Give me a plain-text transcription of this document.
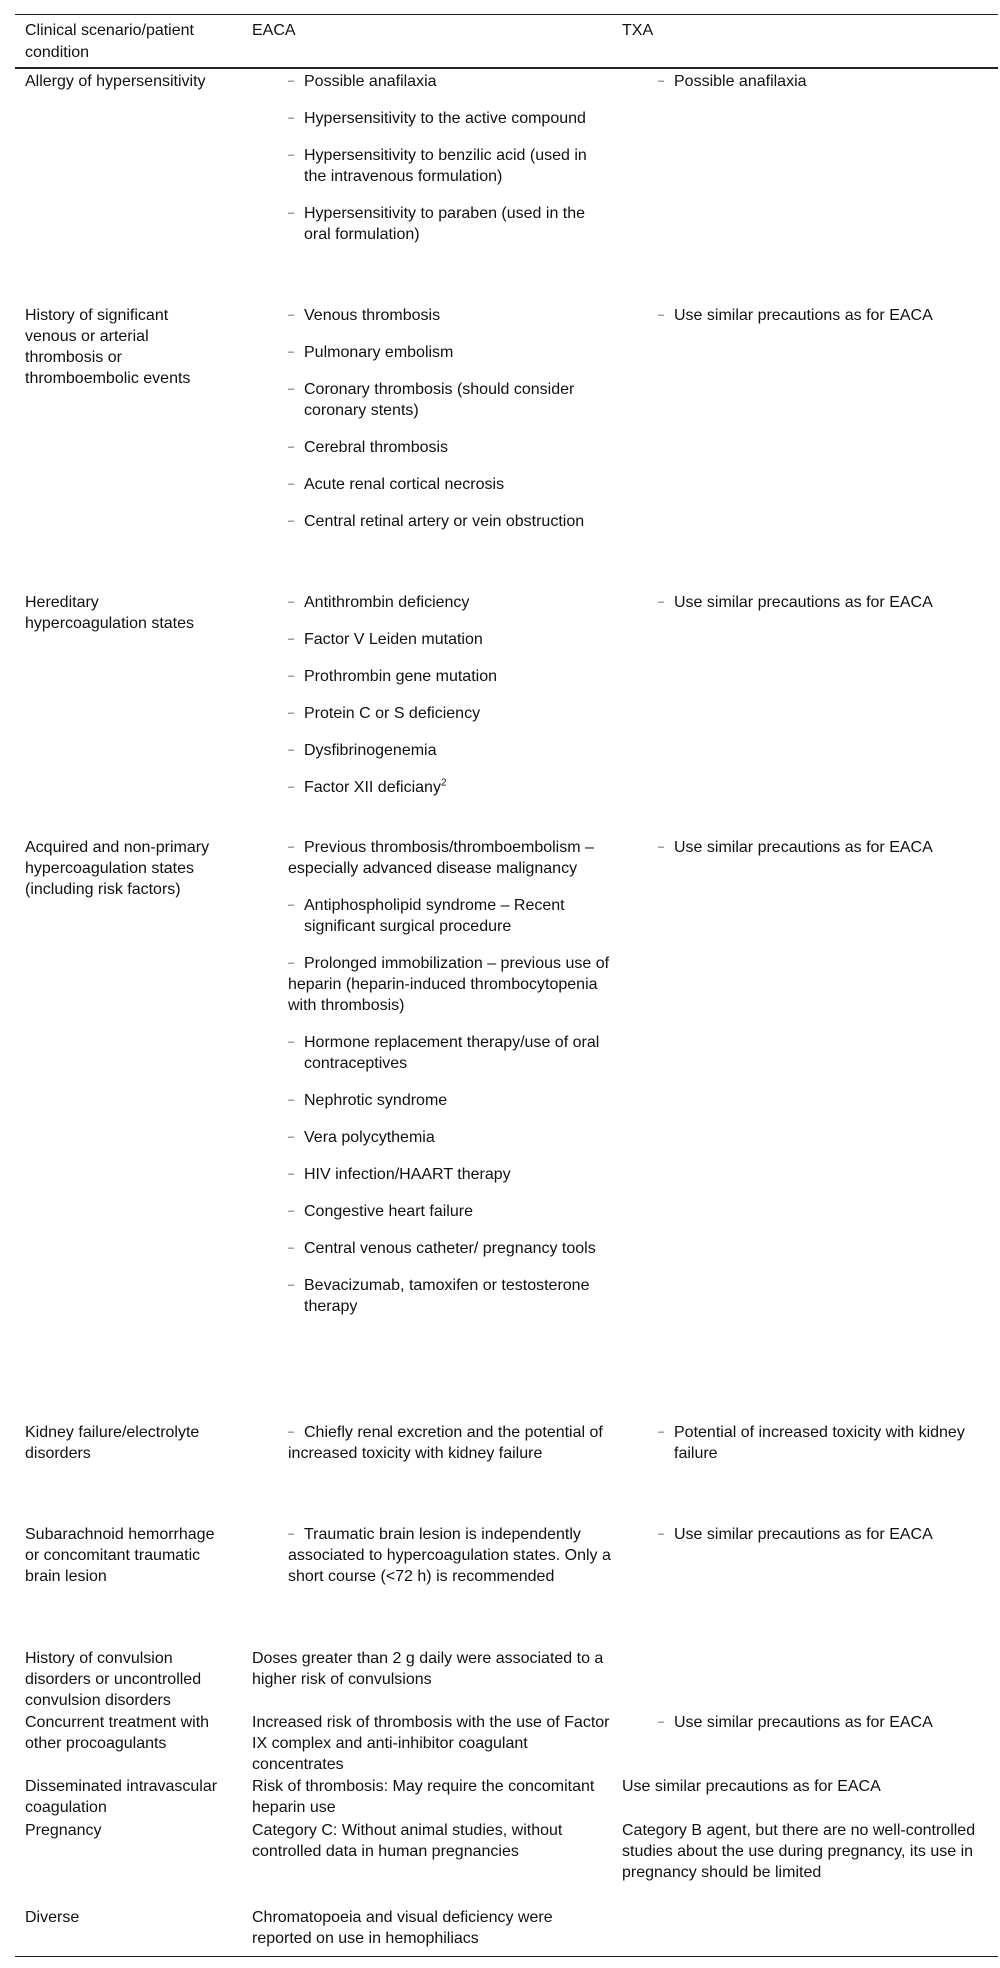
Clinical scenario/patient condition
EACA	TXA
Allergy of hypersensitivity
–	Possible anafilaxia
– Hypersensitivity to the active compound
– Hypersensitivity to benzilic acid (used in the intravenous formulation)
– Hypersensitivity to paraben (used in the oral formulation)
– Possible anafilaxia
History of significant venous or arterial thrombosis or thromboembolic events
– Venous thrombosis
– Pulmonary embolism
– Coronary thrombosis (should consider coronary stents)
– Cerebral thrombosis
– Acute renal cortical necrosis
– Central retinal artery or vein obstruction
– Use similar precautions as for EACA
Hereditary hypercoagulation states
– Antithrombin deficiency
– Factor V Leiden mutation
– Prothrombin gene mutation
– Protein C or S deficiency
– Dysfibrinogenemia
– Factor XII deficiany$^2$
– Use similar precautions as for EACA
Acquired and non-primary hypercoagulation states (including risk factors)
– Previous thrombosis/thromboembolism – especially advanced disease malignancy
– Antiphospholipid syndrome – Recent significant surgical procedure
– Prolonged immobilization – previous use of heparin (heparin-induced thrombocytopenia with thrombosis)
– Hormone replacement therapy/use of oral contraceptives
– Nephrotic syndrome
– Vera polycythemia
– HIV infection/HAART therapy
– Congestive heart failure
– Central venous catheter/ pregnancy tools
– Bevacizumab, tamoxifen or testosterone therapy
– Use similar precautions as for EACA
Kidney failure/electrolyte disorders
– Chiefly renal excretion and the potential of increased toxicity with kidney failure
– Potential of increased toxicity with kidney failure
Subarachnoid hemorrhage or concomitant traumatic brain lesion
– Traumatic brain lesion is independently associated to hypercoagulation states. Only a short course (<72 h) is recommended
– Use similar precautions as for EACA
History of convulsion disorders or uncontrolled convulsion disorders
Doses greater than 2 g daily were associated to a higher risk of convulsions
Concurrent treatment with other procoagulants
Increased risk of thrombosis with the use of Factor IX complex and anti-inhibitor coagulant concentrates
– Use similar precautions as for EACA
Disseminated intravascular coagulation
Risk of thrombosis: May require the concomitant heparin use
Use similar precautions as for EACA
Pregnancy	Category C: Without animal studies, without controlled data in human pregnancies
Category B agent, but there are no well-controlled studies about the use during pregnancy, its use in pregnancy should be limited
Diverse	Chromatopoeia and visual deficiency were reported on use in hemophiliacs
